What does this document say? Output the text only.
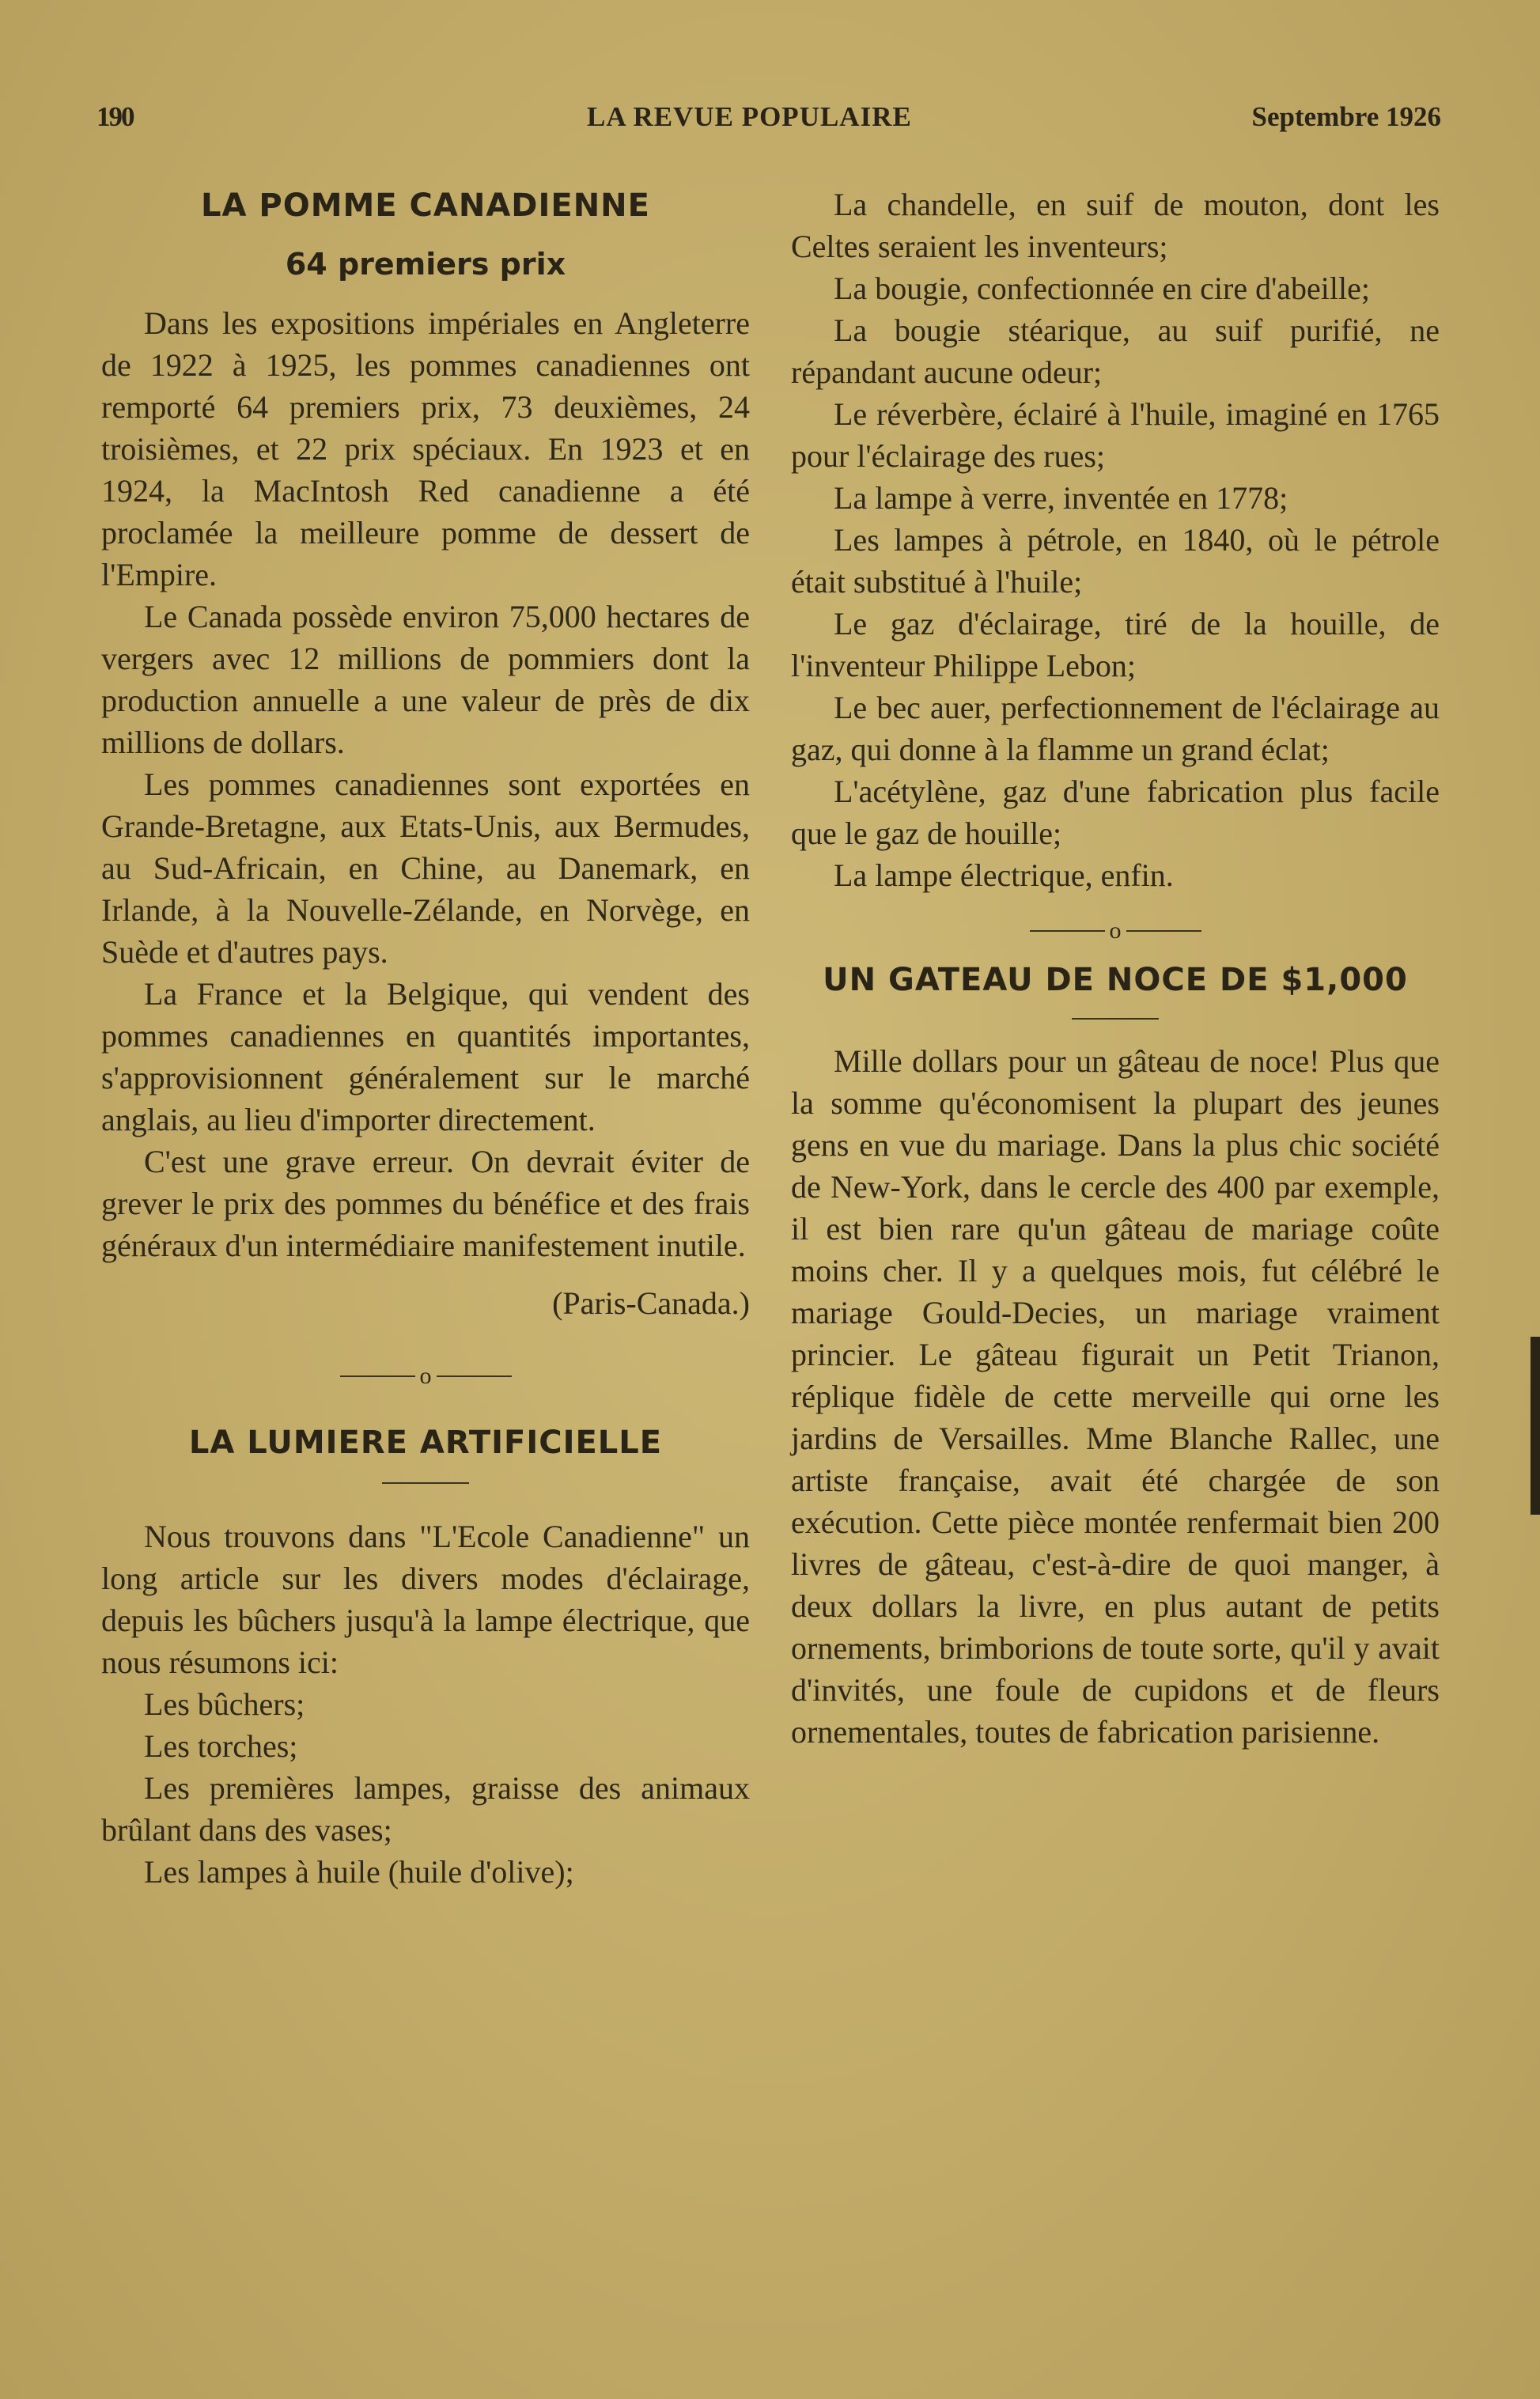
190	LA REVUE POPULAIRE	Septembre 1926
LA POMME CANADIENNE
64 premiers prix

Dans les expositions impériales en Angleterre de 1922 à 1925, les pommes canadiennes ont remporté 64 premiers prix, 73 deuxièmes, 24 troisièmes, et 22 prix spéciaux. En 1923 et en 1924, la MacIntosh Red canadienne a été proclamée la meilleure pomme de dessert de l'Empire.

Le Canada possède environ 75,000 hectares de vergers avec 12 millions de pommiers dont la production annuelle a une valeur de près de dix millions de dollars.

Les pommes canadiennes sont exportées en Grande-Bretagne, aux Etats-Unis, aux Bermudes, au Sud-Africain, en Chine, au Danemark, en Irlande, à la Nouvelle-Zélande, en Norvège, en Suède et d'autres pays.

La France et la Belgique, qui vendent des pommes canadiennes en quantités importantes, s'approvisionnent généralement sur le marché anglais, au lieu d'importer directement.

C'est une grave erreur. On devrait éviter de grever le prix des pommes du bénéfice et des frais généraux d'un intermédiaire manifestement inutile.

(Paris-Canada.)
o
LA LUMIERE ARTIFICIELLE

Nous trouvons dans "L'Ecole Canadienne" un long article sur les divers modes d'éclairage, depuis les bûchers jusqu'à la lampe électrique, que nous résumons ici:

Les bûchers;

Les torches;

Les premières lampes, graisse des animaux brûlant dans des vases;

Les lampes à huile (huile d'olive);

La chandelle, en suif de mouton, dont les Celtes seraient les inventeurs;

La bougie, confectionnée en cire d'abeille;

La bougie stéarique, au suif purifié, ne répandant aucune odeur;

Le réverbère, éclairé à l'huile, imaginé en 1765 pour l'éclairage des rues;

La lampe à verre, inventée en 1778;

Les lampes à pétrole, en 1840, où le pétrole était substitué à l'huile;

Le gaz d'éclairage, tiré de la houille, de l'inventeur Philippe Lebon;

Le bec auer, perfectionnement de l'éclairage au gaz, qui donne à la flamme un grand éclat;

L'acétylène, gaz d'une fabrication plus facile que le gaz de houille;

La lampe électrique, enfin.

o
UN GATEAU DE NOCE DE $1,000

Mille dollars pour un gâteau de noce! Plus que la somme qu'économisent la plupart des jeunes gens en vue du mariage. Dans la plus chic société de New-York, dans le cercle des 400 par exemple, il est bien rare qu'un gâteau de mariage coûte moins cher. Il y a quelques mois, fut célébré le mariage Gould-Decies, un mariage vraiment princier. Le gâteau figurait un Petit Trianon, réplique fidèle de cette merveille qui orne les jardins de Versailles. Mme Blanche Rallec, une artiste française, avait été chargée de son exécution. Cette pièce montée renfermait bien 200 livres de gâteau, c'est-à-dire de quoi manger, à deux dollars la livre, en plus autant de petits ornements, brimborions de toute sorte, qu'il y avait d'invités, une foule de cupidons et de fleurs ornementales, toutes de fabrication parisienne.
